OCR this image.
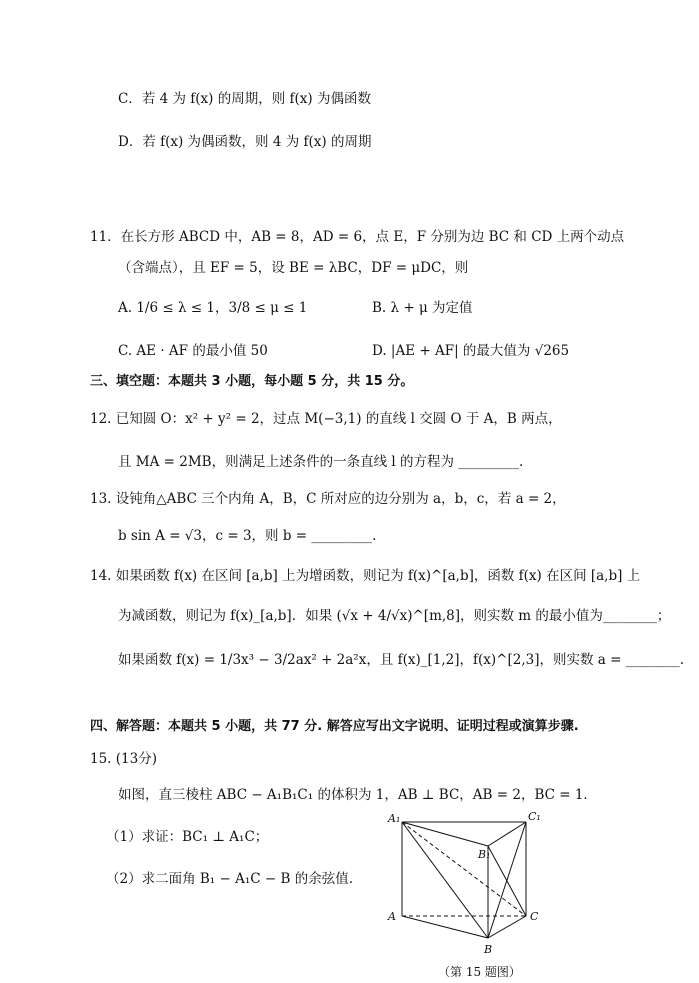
C．若 4 为 f(x) 的周期，则 f(x) 为偶函数
D．若 f(x) 为偶函数，则 4 为 f(x) 的周期
11．在长方形 ABCD 中，AB = 8，AD = 6，点 E，F 分别为边 BC 和 CD 上两个动点
（含端点），且 EF = 5，设 BE = λBC，DF = μDC，则
A. 1/6 ≤ λ ≤ 1，3/8 ≤ μ ≤ 1	B. λ + μ 为定值
C. AE · AF 的最小值 50	D. |AE + AF| 的最大值为 √265
三、填空题：本题共 3 小题，每小题 5 分，共 15 分。
12. 已知圆 O：x² + y² = 2，过点 M(−3,1) 的直线 l 交圆 O 于 A，B 两点，
且 MA = 2MB，则满足上述条件的一条直线 l 的方程为 _________.
13. 设钝角△ABC 三个内角 A，B，C 所对应的边分别为 a，b，c，若 a = 2，
b sin A = √3，c = 3，则 b = _________.
14. 如果函数 f(x) 在区间 [a,b] 上为增函数，则记为 f(x)^[a,b]，函数 f(x) 在区间 [a,b] 上
为减函数，则记为 f(x)_[a,b]．如果 (√x + 4/√x)^[m,8]，则实数 m 的最小值为________；
如果函数 f(x) = 1/3x³ − 3/2ax² + 2a²x，且 f(x)_[1,2]，f(x)^[2,3]，则实数 a = ________.
四、解答题：本题共 5 小题，共 77 分. 解答应写出文字说明、证明过程或演算步骤.
15. (13分)
如图，直三棱柱 ABC − A₁B₁C₁ 的体积为 1，AB ⊥ BC，AB = 2，BC = 1．
（1）求证：BC₁ ⊥ A₁C；
（2）求二面角 B₁ − A₁C − B 的余弦值.
A₁
B₁
C₁
A
B
C
（第 15 题图）
